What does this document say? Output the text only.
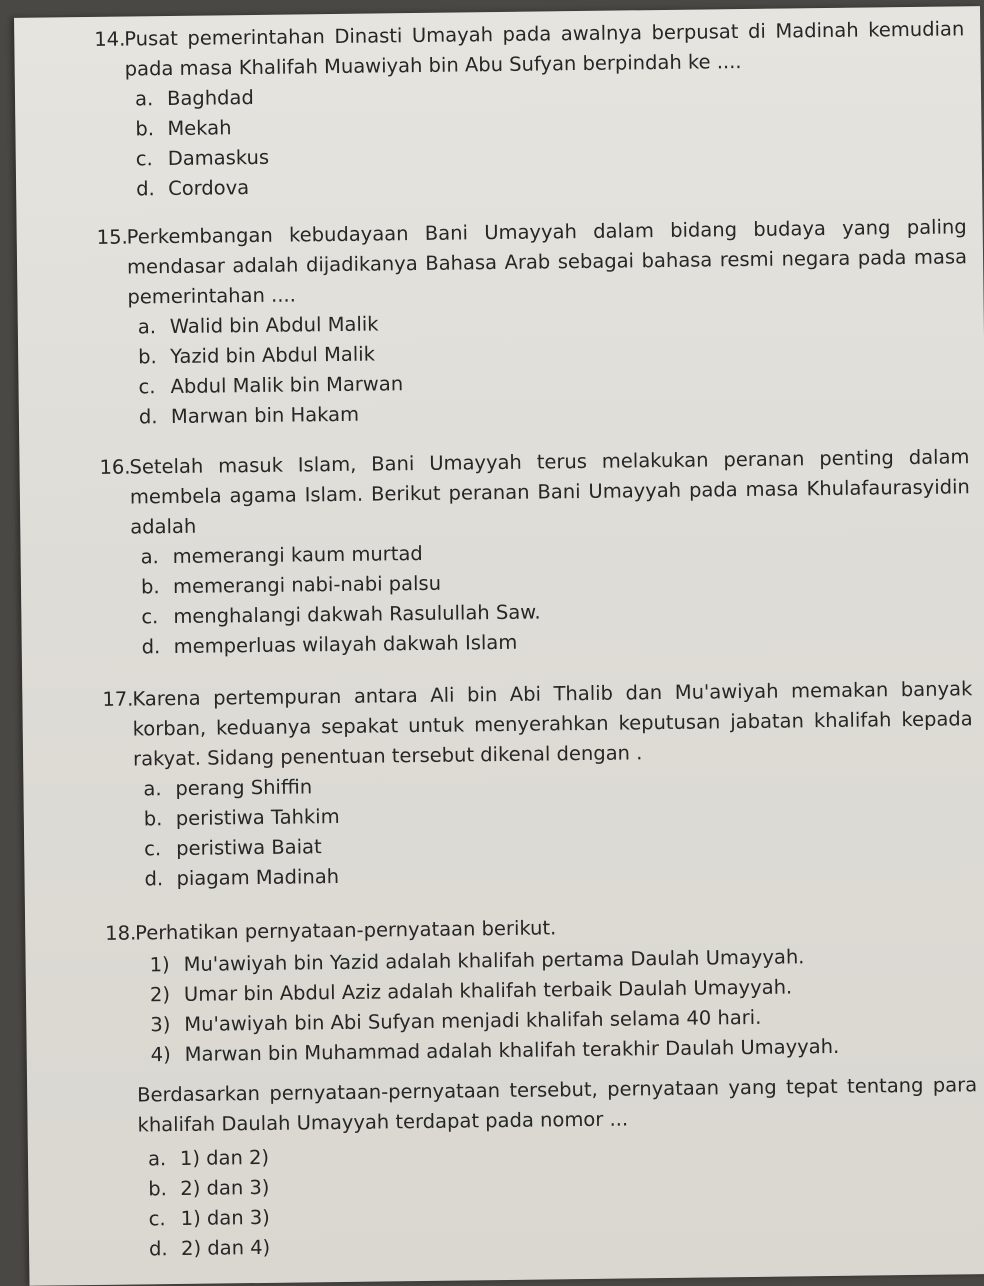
14.
Pusat pemerintahan Dinasti Umayah pada awalnya berpusat di Madinah kemudian pada masa Khalifah Muawiyah bin Abu Sufyan berpindah ke ....
a. Baghdad
b. Mekah
c. Damaskus
d. Cordova
15.
Perkembangan kebudayaan Bani Umayyah dalam bidang budaya yang paling mendasar adalah dijadikanya Bahasa Arab sebagai bahasa resmi negara pada masa pemerintahan ....
a. Walid bin Abdul Malik
b. Yazid bin Abdul Malik
c. Abdul Malik bin Marwan
d. Marwan bin Hakam
16.
Setelah masuk Islam, Bani Umayyah terus melakukan peranan penting dalam membela agama Islam. Berikut peranan Bani Umayyah pada masa Khulafaurasyidin adalah
a. memerangi kaum murtad
b. memerangi nabi-nabi palsu
c. menghalangi dakwah Rasulullah Saw.
d. memperluas wilayah dakwah Islam
17.
Karena pertempuran antara Ali bin Abi Thalib dan Mu'awiyah memakan banyak korban, keduanya sepakat untuk menyerahkan keputusan jabatan khalifah kepada rakyat. Sidang penentuan tersebut dikenal dengan .
a. perang Shiffin
b. peristiwa Tahkim
c. peristiwa Baiat
d. piagam Madinah
18.
Perhatikan pernyataan-pernyataan berikut.
1) Mu'awiyah bin Yazid adalah khalifah pertama Daulah Umayyah.
2) Umar bin Abdul Aziz adalah khalifah terbaik Daulah Umayyah.
3) Mu'awiyah bin Abi Sufyan menjadi khalifah selama 40 hari.
4) Marwan bin Muhammad adalah khalifah terakhir Daulah Umayyah.
Berdasarkan pernyataan-pernyataan tersebut, pernyataan yang tepat tentang para khalifah Daulah Umayyah terdapat pada nomor ...
a. 1) dan 2)
b. 2) dan 3)
c. 1) dan 3)
d. 2) dan 4)
